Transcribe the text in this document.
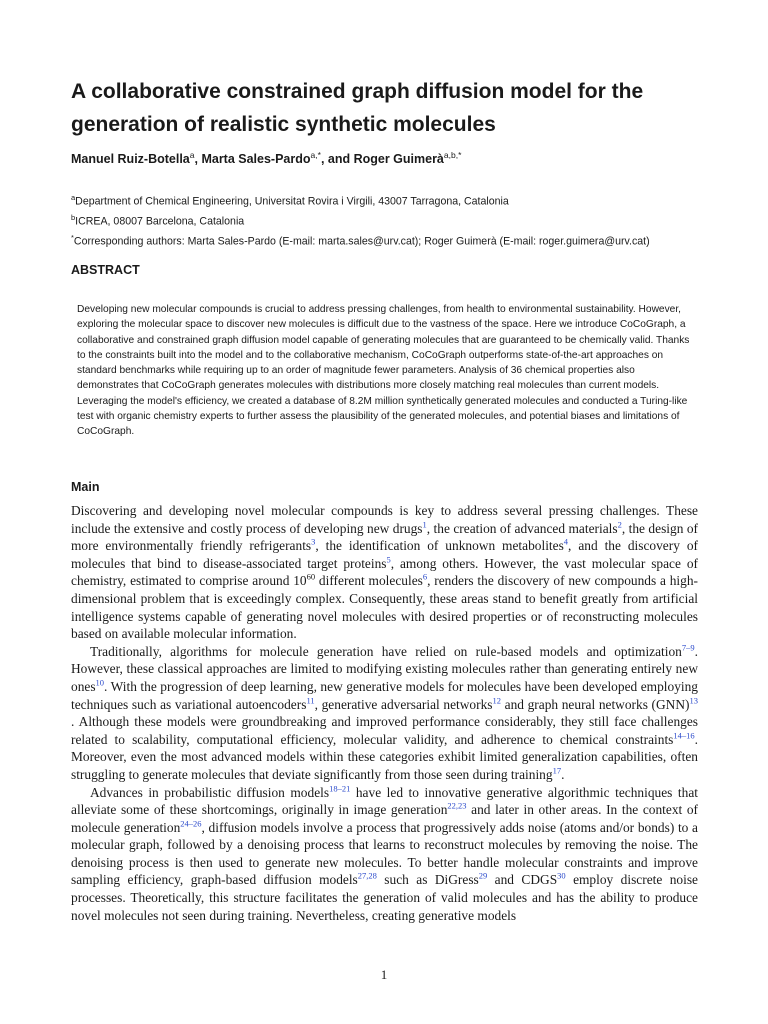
A collaborative constrained graph diffusion model for the generation of realistic synthetic molecules

Manuel Ruiz-Botella$^a$, Marta Sales-Pardo$^{a,*}$, and Roger Guimerà$^{a,b,*}$

$^a$Department of Chemical Engineering, Universitat Rovira i Virgili, 43007 Tarragona, Catalonia
$^b$ICREA, 08007 Barcelona, Catalonia
*Corresponding authors: Marta Sales-Pardo (E-mail: marta.sales@urv.cat); Roger Guimerà (E-mail: roger.guimera@urv.cat)
ABSTRACT

Developing new molecular compounds is crucial to address pressing challenges, from health to environmental sustainability. However, exploring the molecular space to discover new molecules is difficult due to the vastness of the space. Here we introduce CoCoGraph, a collaborative and constrained graph diffusion model capable of generating molecules that are guaranteed to be chemically valid. Thanks to the constraints built into the model and to the collaborative mechanism, CoCoGraph outperforms state-of-the-art approaches on standard benchmarks while requiring up to an order of magnitude fewer parameters. Analysis of 36 chemical properties also demonstrates that CoCoGraph generates molecules with distributions more closely matching real molecules than current models. Leveraging the model's efficiency, we created a database of 8.2M million synthetically generated molecules and conducted a Turing-like test with organic chemistry experts to further assess the plausibility of the generated molecules, and potential biases and limitations of CoCoGraph.

Main

Discovering and developing novel molecular compounds is key to address several pressing challenges. These include the extensive and costly process of developing new drugs$^1$, the creation of advanced materials$^2$, the design of more environmentally friendly refrigerants$^3$, the identification of unknown metabolites$^4$, and the discovery of molecules that bind to disease-associated target proteins$^5$, among others. However, the vast molecular space of chemistry, estimated to comprise around $10^{60}$ different molecules$^6$, renders the discovery of new compounds a high-dimensional problem that is exceedingly complex. Consequently, these areas stand to benefit greatly from artificial intelligence systems capable of generating novel molecules with desired properties or of reconstructing molecules based on available molecular information.

Traditionally, algorithms for molecule generation have relied on rule-based models and optimization$^{7-9}$. However, these classical approaches are limited to modifying existing molecules rather than generating entirely new ones$^{10}$. With the progression of deep learning, new generative models for molecules have been developed employing techniques such as variational autoencoders$^{11}$, generative adversarial networks$^{12}$ and graph neural networks (GNN)$^{13}$ . Although these models were groundbreaking and improved performance considerably, they still face challenges related to scalability, computational efficiency, molecular validity, and adherence to chemical constraints$^{14-16}$. Moreover, even the most advanced models within these categories exhibit limited generalization capabilities, often struggling to generate molecules that deviate significantly from those seen during training$^{17}$.

Advances in probabilistic diffusion models$^{18-21}$ have led to innovative generative algorithmic techniques that alleviate some of these shortcomings, originally in image generation$^{22,23}$ and later in other areas. In the context of molecule generation$^{24-26}$, diffusion models involve a process that progressively adds noise (atoms and/or bonds) to a molecular graph, followed by a denoising process that learns to reconstruct molecules by removing the noise. The denoising process is then used to generate new molecules. To better handle molecular constraints and improve sampling efficiency, graph-based diffusion models$^{27,28}$ such as DiGress$^{29}$ and CDGS$^{30}$ employ discrete noise processes. Theoretically, this structure facilitates the generation of valid molecules and has the ability to produce novel molecules not seen during training. Nevertheless, creating generative models

1
